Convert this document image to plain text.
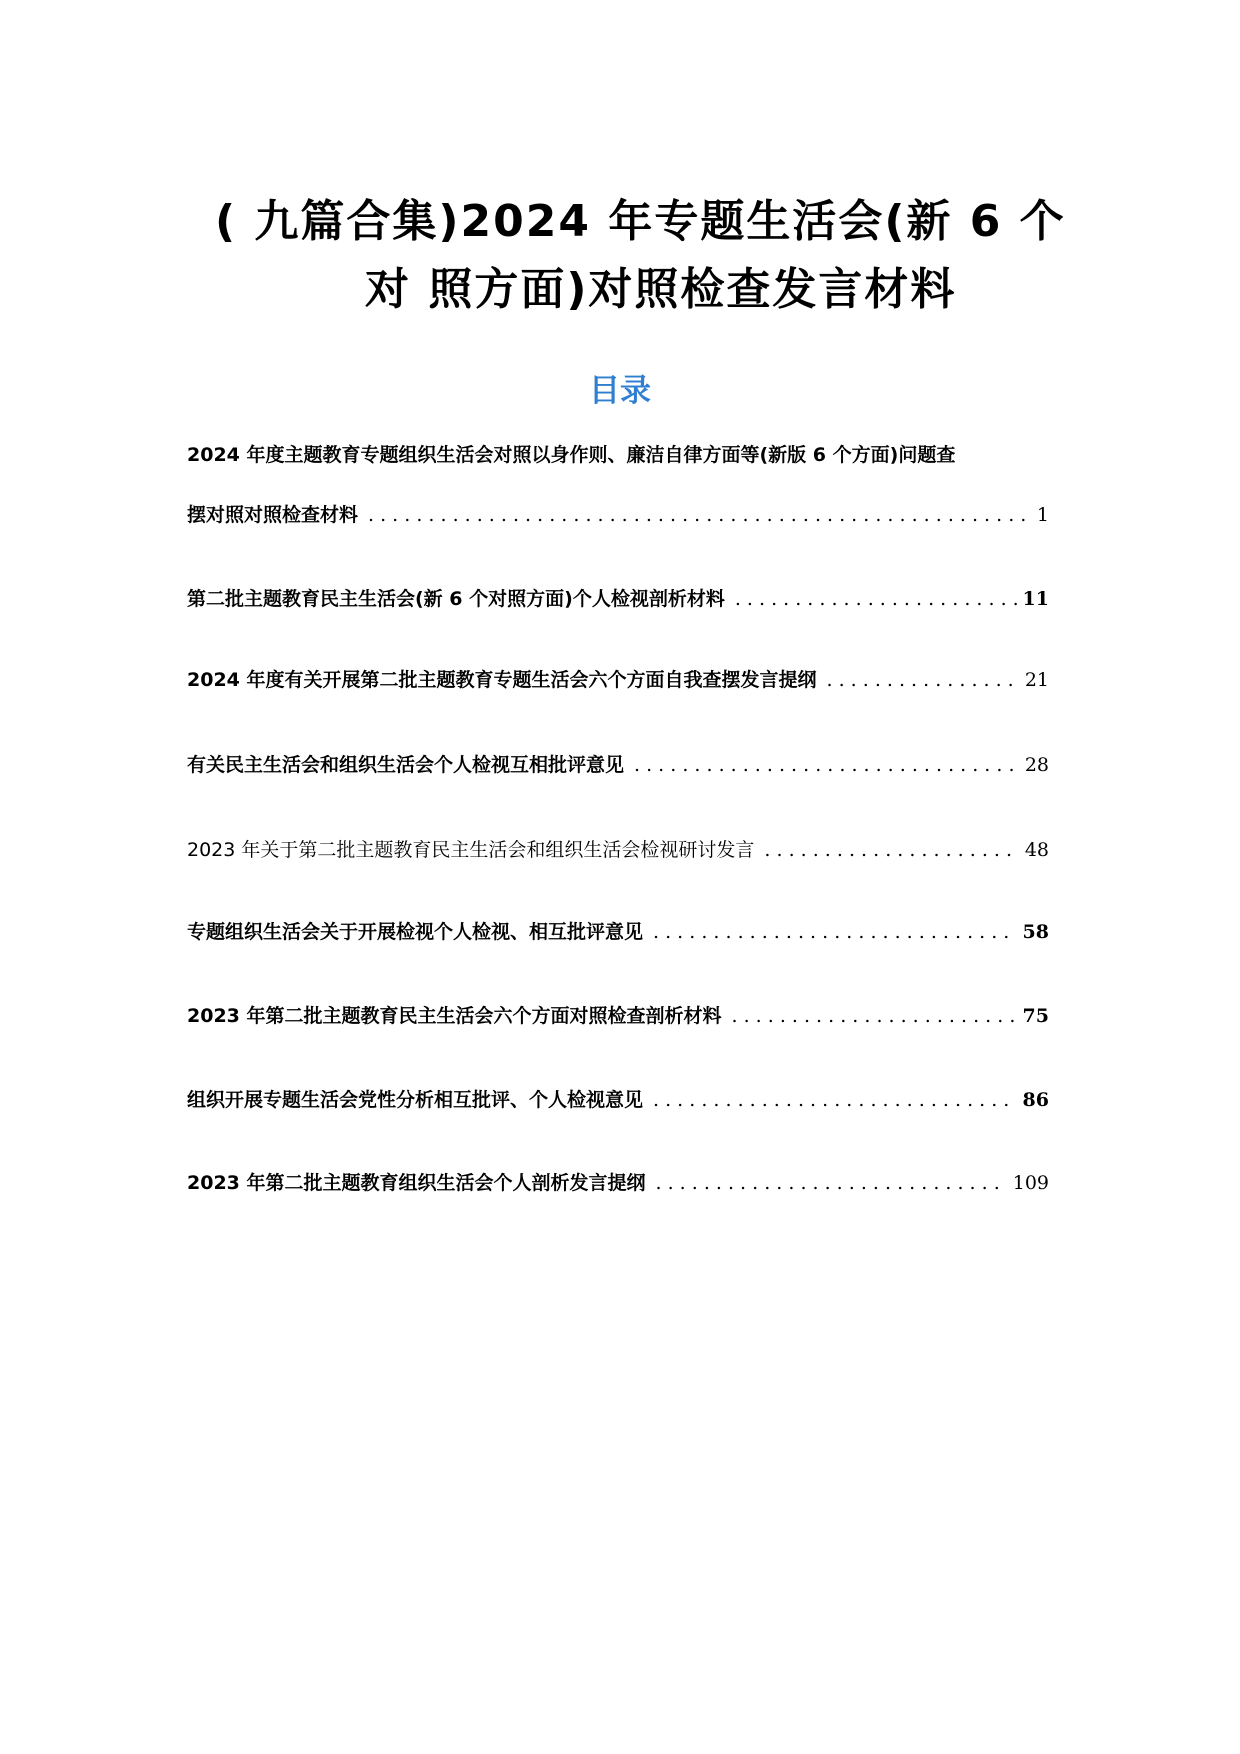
( 九篇合集)2024 年专题生活会(新 6 个
对 照方面)对照检查发言材料
目录
2024 年度主题教育专题组织生活会对照以身作则、廉洁自律方面等(新版 6 个方面)问题查
摆对照对照检查材料 . . .	1
第二批主题教育民主生活会(新 6 个对照方面)个人检视剖析材料 . . .	11
2024 年度有关开展第二批主题教育专题生活会六个方面自我查摆发言提纲 . . .	21
有关民主生活会和组织生活会个人检视互相批评意见 . . .	28
2023 年关于第二批主题教育民主生活会和组织生活会检视研讨发言 . . .	48
专题组织生活会关于开展检视个人检视、相互批评意见 . . .	58
2023 年第二批主题教育民主生活会六个方面对照检查剖析材料 . . .	75
组织开展专题生活会党性分析相互批评、个人检视意见 . . .	86
2023 年第二批主题教育组织生活会个人剖析发言提纲 . . .	109
